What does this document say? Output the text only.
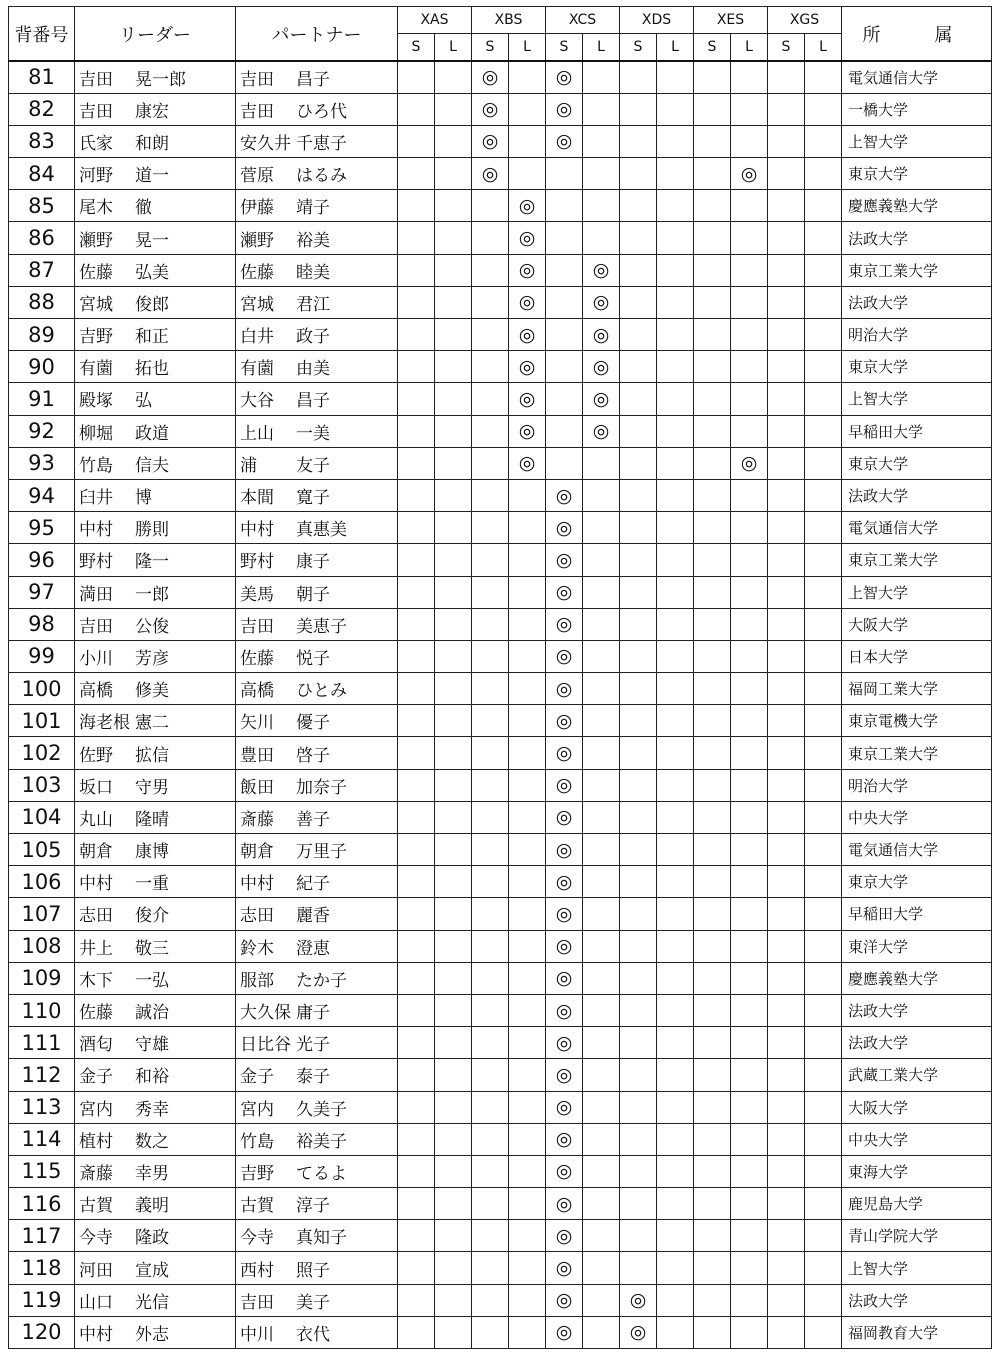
背番号	リーダー	パートナー	XAS		XBS		XCS		XDS		XES		XGS		所　属
			S	L	S	L	S	L	S	L	S	L	S	L	
81	吉田 晃一郎	吉田 昌子			◎		◎								電気通信大学
82	吉田 康宏	吉田 ひろ代			◎		◎								一橋大学
83	氏家 和朗	安久井 千恵子			◎		◎								上智大学
84	河野 道一	菅原 はるみ			◎							◎			東京大学
85	尾木 徹	伊藤 靖子				◎									慶應義塾大学
86	瀬野 晃一	瀬野 裕美				◎									法政大学
87	佐藤 弘美	佐藤 睦美				◎		◎							東京工業大学
88	宮城 俊郎	宮城 君江				◎		◎							法政大学
89	吉野 和正	白井 政子				◎		◎							明治大学
90	有薗 拓也	有薗 由美				◎		◎							東京大学
91	殿塚 弘	大谷 昌子				◎		◎							上智大学
92	柳堀 政道	上山 一美				◎		◎							早稲田大学
93	竹島 信夫	浦 友子				◎						◎			東京大学
94	臼井 博	本間 寛子					◎								法政大学
95	中村 勝則	中村 真惠美					◎								電気通信大学
96	野村 隆一	野村 康子					◎								東京工業大学
97	満田 一郎	美馬 朝子					◎								上智大学
98	吉田 公俊	吉田 美恵子					◎								大阪大学
99	小川 芳彦	佐藤 悦子					◎								日本大学
100	高橋 修美	高橋 ひとみ					◎								福岡工業大学
101	海老根 憲二	矢川 優子					◎								東京電機大学
102	佐野 拡信	豊田 啓子					◎								東京工業大学
103	坂口 守男	飯田 加奈子					◎								明治大学
104	丸山 隆晴	斎藤 善子					◎								中央大学
105	朝倉 康博	朝倉 万里子					◎								電気通信大学
106	中村 一重	中村 紀子					◎								東京大学
107	志田 俊介	志田 麗香					◎								早稲田大学
108	井上 敬三	鈴木 澄恵					◎								東洋大学
109	木下 一弘	服部 たか子					◎								慶應義塾大学
110	佐藤 誠治	大久保 庸子					◎								法政大学
111	酒匂 守雄	日比谷 光子					◎								法政大学
112	金子 和裕	金子 泰子					◎								武蔵工業大学
113	宮内 秀幸	宮内 久美子					◎								大阪大学
114	植村 数之	竹島 裕美子					◎								中央大学
115	斎藤 幸男	吉野 てるよ					◎								東海大学
116	古賀 義明	古賀 淳子					◎								鹿児島大学
117	今寺 隆政	今寺 真知子					◎								青山学院大学
118	河田 宣成	西村 照子					◎								上智大学
119	山口 光信	吉田 美子					◎		◎						法政大学
120	中村 外志	中川 衣代					◎		◎						福岡教育大学
